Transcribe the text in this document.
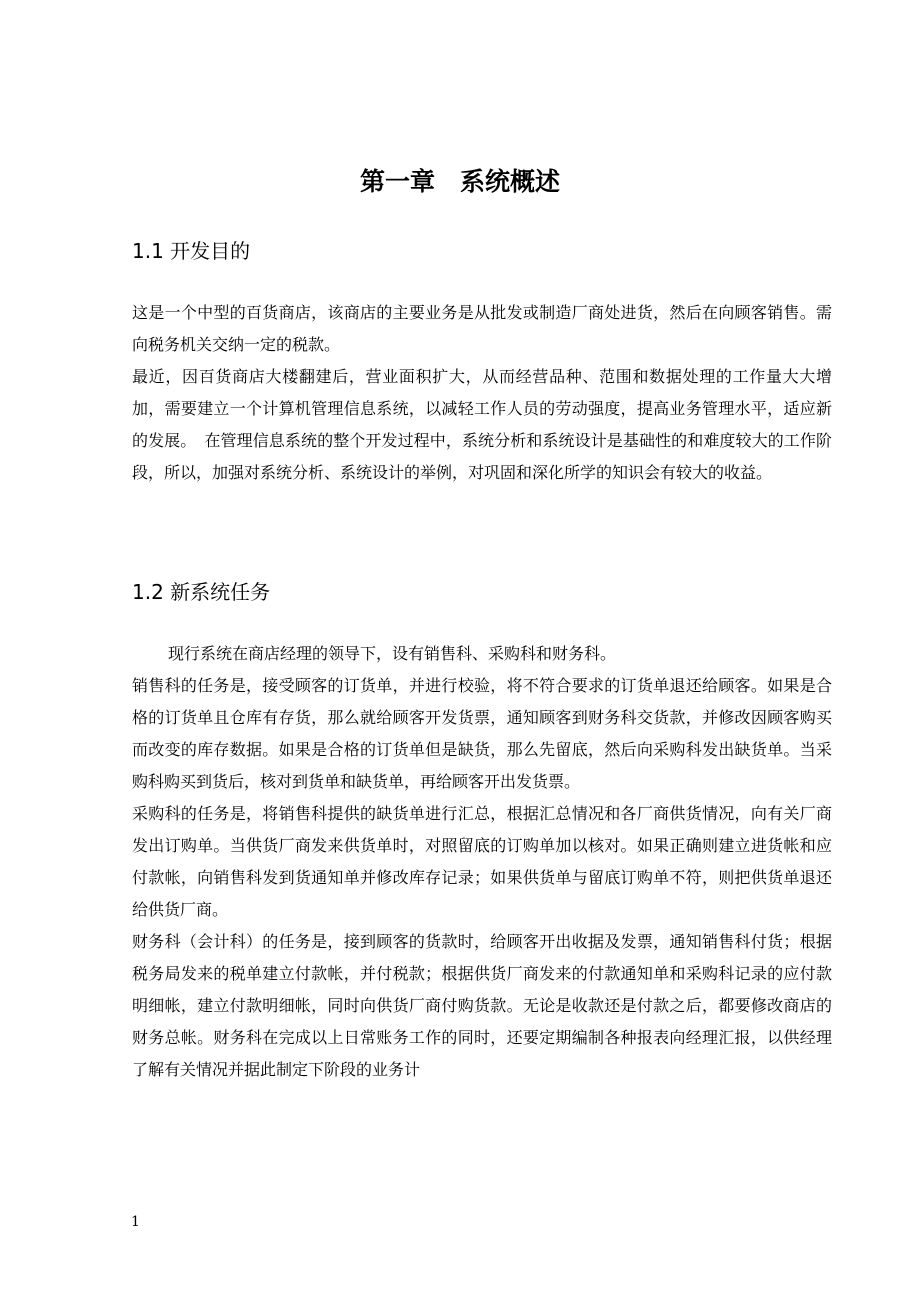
第一章　系统概述
1.1 开发目的

这是一个中型的百货商店，该商店的主要业务是从批发或制造厂商处进货，然后在向顾客销售。需向税务机关交纳一定的税款。

最近，因百货商店大楼翻建后，营业面积扩大，从而经营品种、范围和数据处理的工作量大大增加，需要建立一个计算机管理信息系统，以减轻工作人员的劳动强度，提高业务管理水平，适应新的发展。　在管理信息系统的整个开发过程中，系统分析和系统设计是基础性的和难度较大的工作阶段，所以，加强对系统分析、系统设计的举例，对巩固和深化所学的知识会有较大的收益。

1.2 新系统任务

现行系统在商店经理的领导下，设有销售科、采购科和财务科。

销售科的任务是，接受顾客的订货单，并进行校验，将不符合要求的订货单退还给顾客。如果是合格的订货单且仓库有存货，那么就给顾客开发货票，通知顾客到财务科交货款，并修改因顾客购买而改变的库存数据。如果是合格的订货单但是缺货，那么先留底，然后向采购科发出缺货单。当采购科购买到货后，核对到货单和缺货单，再给顾客开出发货票。

采购科的任务是，将销售科提供的缺货单进行汇总，根据汇总情况和各厂商供货情况，向有关厂商发出订购单。当供货厂商发来供货单时，对照留底的订购单加以核对。如果正确则建立进货帐和应付款帐，向销售科发到货通知单并修改库存记录；如果供货单与留底订购单不符，则把供货单退还给供货厂商。

财务科（会计科）的任务是，接到顾客的货款时，给顾客开出收据及发票，通知销售科付货；根据税务局发来的税单建立付款帐，并付税款；根据供货厂商发来的付款通知单和采购科记录的应付款明细帐，建立付款明细帐，同时向供货厂商付购货款。无论是收款还是付款之后，都要修改商店的财务总帐。财务科在完成以上日常账务工作的同时，还要定期编制各种报表向经理汇报，以供经理了解有关情况并据此制定下阶段的业务计

1
